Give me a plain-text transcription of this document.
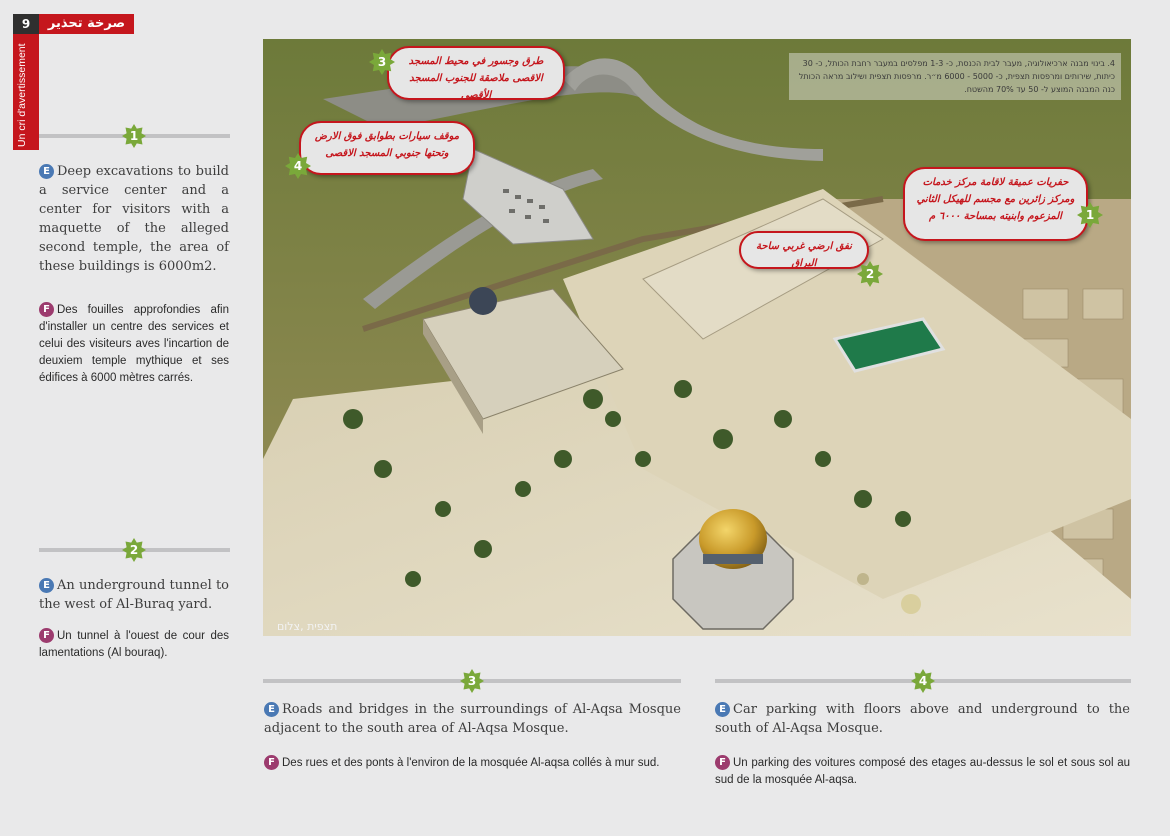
9	صرخة تحذير
Un cri d'avertissement	1

E Deep excavations to build a service center and a center for visitors with a maquette of the alleged second temple, the area of these buildings is 6000m2.

F Des fouilles approfondies afin d'installer un centre des services et celui des visiteurs aves l'incartion de deuxiem temple mythique et ses édifices à 6000 mètres carrés.

2

E An underground tunnel to the west of Al-Buraq yard.

F Un tunnel à l'ouest de cour des lamentations (Al bouraq).

4. בינוי מבנה ארכיאולוגיה, מעבר לבית הכנסת, כ- 1-3 מפלסים במעבר רחבת הכותל, כ- 30 כיתות, שירותים ומרפסות תצפית, כ- 5000 - 6000 מ״ר. מרפסות תצפית ושילוב מראה הכותל כנה המבנה המוצע ל- 50 עד 70% מהשטח.
حفريات عميقة لاقامة مركز خدمات ومركز زائرين مع مجسم للهيكل الثاني المزعوم وابنيته بمساحة ٦٠٠٠ م	1
نفق ارضي غربي ساحة البراق
2
طرق وجسور في محيط المسجد الاقصى ملاصقة للجنوب المسجد الأقصى
3
موقف سيارات بطوابق فوق الارض وتحتها جنوبي المسجد الاقصى
4
תצפית ,צלום
3

E Roads and bridges in the surroundings of Al-Aqsa Mosque adjacent to the south area of Al-Aqsa Mosque.

F Des rues et des ponts à l'environ de la mosquée Al-aqsa collés à mur sud.

4

E Car parking with floors above and underground to the south of Al-Aqsa Mosque.

F Un parking des voitures composé des etages au-dessus le sol et sous sol au sud de la mosquée Al-aqsa.
